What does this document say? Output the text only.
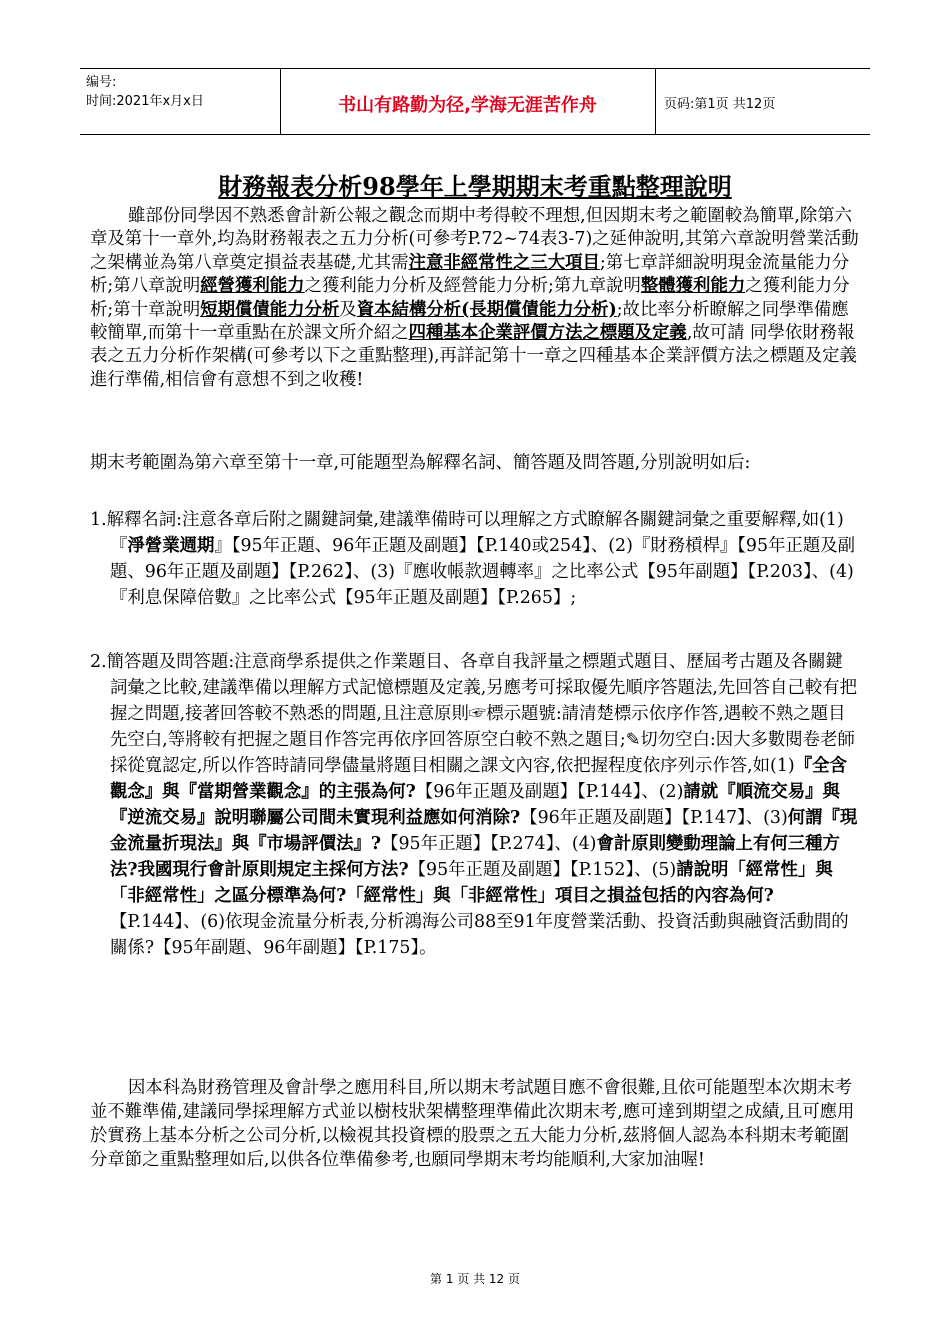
编号:
时间:2021年x月x日	书山有路勤为径,学海无涯苦作舟	页码:第1页 共12页
財務報表分析98學年上學期期末考重點整理說明
雖部份同學因不熟悉會計新公報之觀念而期中考得較不理想,但因期末考之範圍較為簡單,除第六章及第十一章外,均為財務報表之五力分析(可參考P.72~74表3-7)之延伸說明,其第六章說明營業活動之架構並為第八章奠定損益表基礎,尤其需注意非經常性之三大項目;第七章詳細說明現金流量能力分析;第八章說明經營獲利能力之獲利能力分析及經營能力分析;第九章說明整體獲利能力之獲利能力分析;第十章說明短期償債能力分析及資本結構分析(長期償債能力分析);故比率分析瞭解之同學準備應較簡單,而第十一章重點在於課文所介紹之四種基本企業評價方法之標題及定義,故可請 同學依財務報表之五力分析作架構(可參考以下之重點整理),再詳記第十一章之四種基本企業評價方法之標題及定義進行準備,相信會有意想不到之收穫!
期末考範圍為第六章至第十一章,可能題型為解釋名詞、簡答題及問答題,分別說明如后:
1.解釋名詞:注意各章后附之關鍵詞彙,建議準備時可以理解之方式瞭解各關鍵詞彙之重要解釋,如(1)『淨營業週期』【95年正題、96年正題及副題】【P.140或254】、(2)『財務槓桿』【95年正題及副題、96年正題及副題】【P.262】、(3)『應收帳款週轉率』之比率公式【95年副題】【P.203】、(4)『利息保障倍數』之比率公式【95年正題及副題】【P.265】;
2.簡答題及問答題:注意商學系提供之作業題目、各章自我評量之標題式題目、歷屆考古題及各關鍵詞彙之比較,建議準備以理解方式記憶標題及定義,另應考可採取優先順序答題法,先回答自己較有把握之問題,接著回答較不熟悉的問題,且注意原則☞標示題號:請清楚標示依序作答,遇較不熟之題目先空白,等將較有把握之題目作答完再依序回答原空白較不熟之題目;✎切勿空白:因大多數閱卷老師採從寬認定,所以作答時請同學儘量將題目相關之課文內容,依把握程度依序列示作答,如(1)『全含觀念』與『當期營業觀念』的主張為何?【96年正題及副題】【P.144】、(2)請就『順流交易』與『逆流交易』說明聯屬公司間未實現利益應如何消除?【96年正題及副題】【P.147】、(3)何謂『現金流量折現法』與『市場評價法』?【95年正題】【P.274】、(4)會計原則變動理論上有何三種方法?我國現行會計原則規定主採何方法?【95年正題及副題】【P.152】、(5)請說明「經常性」與「非經常性」之區分標準為何?「經常性」與「非經常性」項目之損益包括的內容為何?【P.144】、(6)依現金流量分析表,分析鴻海公司88至91年度營業活動、投資活動與融資活動間的關係?【95年副題、96年副題】【P.175】。
因本科為財務管理及會計學之應用科目,所以期末考試題目應不會很難,且依可能題型本次期末考並不難準備,建議同學採理解方式並以樹枝狀架構整理準備此次期末考,應可達到期望之成績,且可應用於實務上基本分析之公司分析,以檢視其投資標的股票之五大能力分析,茲將個人認為本科期末考範圍分章節之重點整理如后,以供各位準備參考,也願同學期末考均能順利,大家加油喔!
第 1 页 共 12 页
